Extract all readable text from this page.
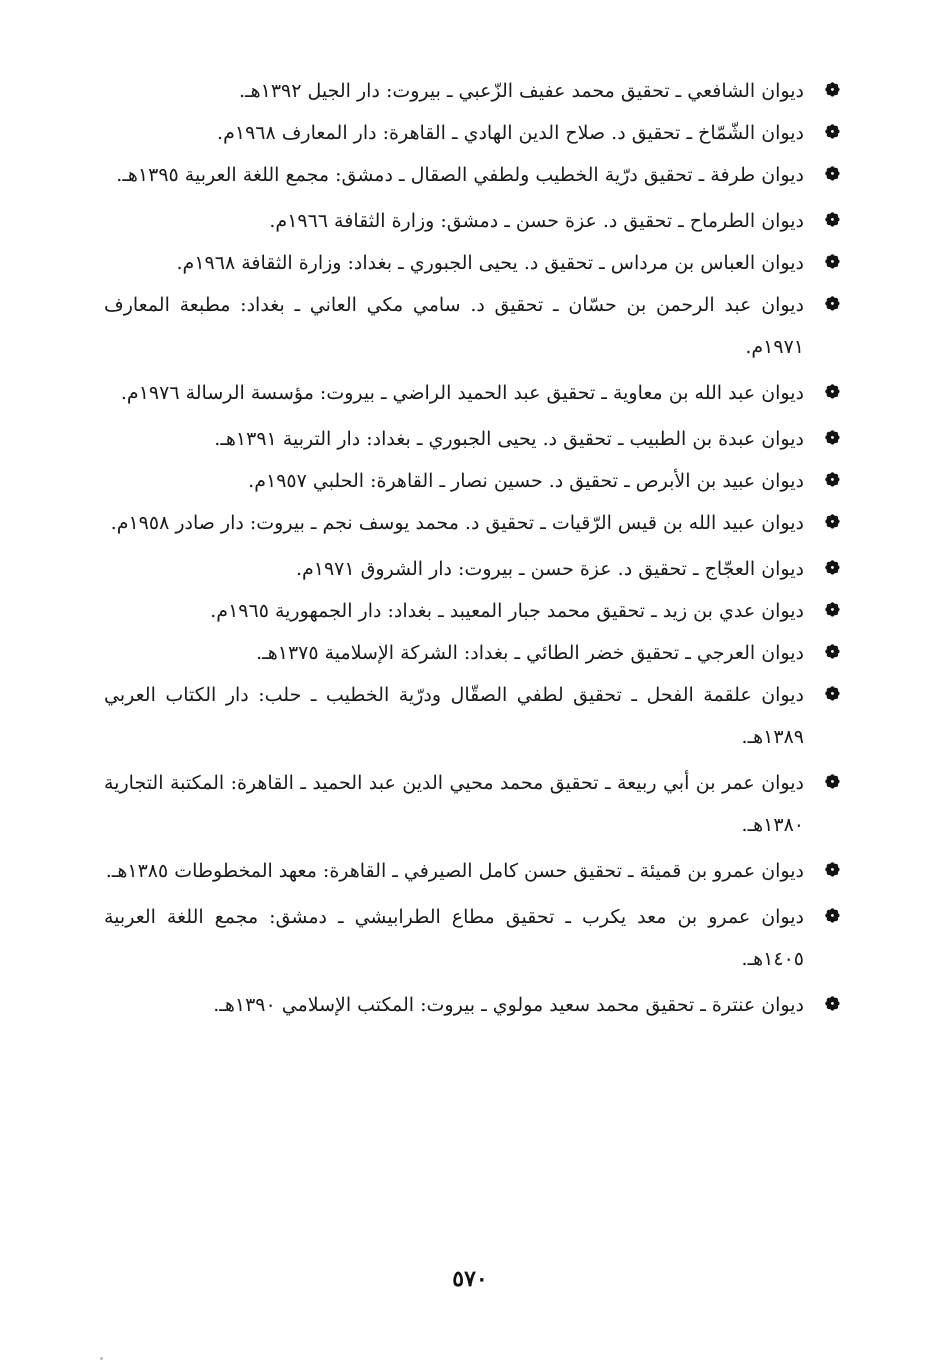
❁
ديوان الشافعي ـ تحقيق محمد عفيف الزّعبي ـ بيروت: دار الجيل ١٣٩٢هـ.
❁
ديوان الشّمّاخ ـ تحقيق د. صلاح الدين الهادي ـ القاهرة: دار المعارف ١٩٦٨م.
❁
ديوان طرفة ـ تحقيق درّية الخطيب ولطفي الصقال ـ دمشق: مجمع اللغة العربية ١٣٩٥هـ.
❁
ديوان الطرماح ـ تحقيق د. عزة حسن ـ دمشق: وزارة الثقافة ١٩٦٦م.
❁
ديوان العباس بن مرداس ـ تحقيق د. يحيى الجبوري ـ بغداد: وزارة الثقافة ١٩٦٨م.
❁
ديوان عبد الرحمن بن حسّان ـ تحقيق د. سامي مكي العاني ـ بغداد: مطبعة المعارف ١٩٧١م.
❁
ديوان عبد الله بن معاوية ـ تحقيق عبد الحميد الراضي ـ بيروت: مؤسسة الرسالة ١٩٧٦م.
❁
ديوان عبدة بن الطبيب ـ تحقيق د. يحيى الجبوري ـ بغداد: دار التربية ١٣٩١هـ.
❁
ديوان عبيد بن الأبرص ـ تحقيق د. حسين نصار ـ القاهرة: الحلبي ١٩٥٧م.
❁
ديوان عبيد الله بن قيس الرّقيات ـ تحقيق د. محمد يوسف نجم ـ بيروت: دار صادر ١٩٥٨م.
❁
ديوان العجّاج ـ تحقيق د. عزة حسن ـ بيروت: دار الشروق ١٩٧١م.
❁
ديوان عدي بن زيد ـ تحقيق محمد جبار المعيبد ـ بغداد: دار الجمهورية ١٩٦٥م.
❁
ديوان العرجي ـ تحقيق خضر الطائي ـ بغداد: الشركة الإسلامية ١٣٧٥هـ.
❁
ديوان علقمة الفحل ـ تحقيق لطفي الصقّال ودرّية الخطيب ـ حلب: دار الكتاب العربي ١٣٨٩هـ.
❁
ديوان عمر بن أبي ربيعة ـ تحقيق محمد محيي الدين عبد الحميد ـ القاهرة: المكتبة التجارية ١٣٨٠هـ.
❁
ديوان عمرو بن قميئة ـ تحقيق حسن كامل الصيرفي ـ القاهرة: معهد المخطوطات ١٣٨٥هـ.
❁
ديوان عمرو بن معد يكرب ـ تحقيق مطاع الطرابيشي ـ دمشق: مجمع اللغة العربية ١٤٠٥هـ.
❁
ديوان عنترة ـ تحقيق محمد سعيد مولوي ـ بيروت: المكتب الإسلامي ١٣٩٠هـ.
٥٧٠
